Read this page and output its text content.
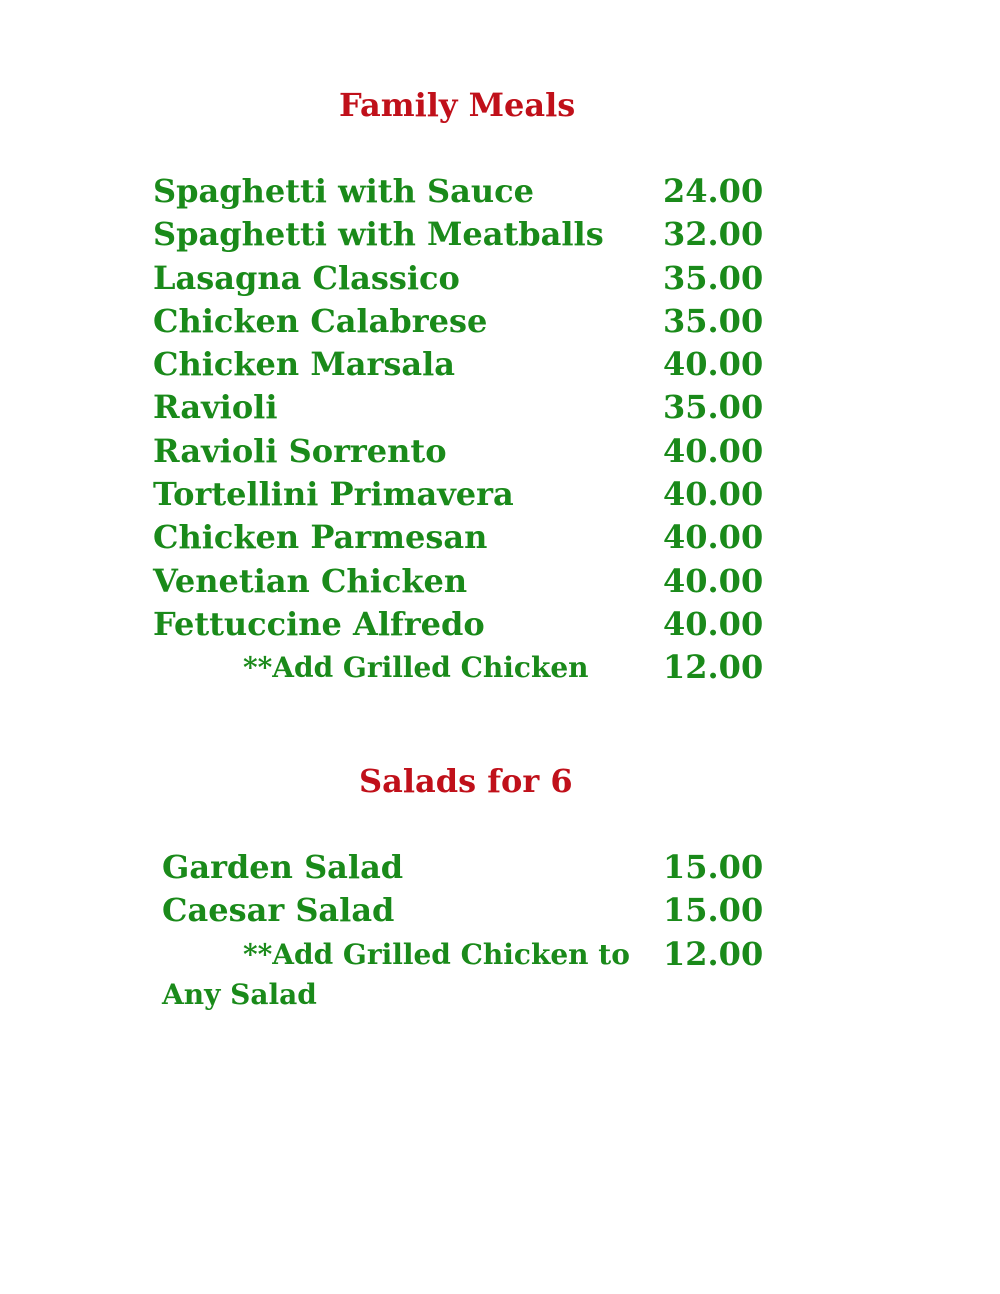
Family Meals
Spaghetti with Sauce	24.00
Spaghetti with Meatballs 32.00
Lasagna Classico	35.00
Chicken Calabrese	35.00
Chicken Marsala	40.00
Ravioli	35.00
Ravioli Sorrento	40.00
Tortellini Primavera	40.00
Chicken Parmesan	40.00
Venetian Chicken	40.00
Fettuccine Alfredo	40.00
**Add Grilled Chicken 12.00
Salads for 6
Garden Salad	15.00
Caesar Salad	15.00
**Add Grilled Chicken to
Any Salad
12.00
